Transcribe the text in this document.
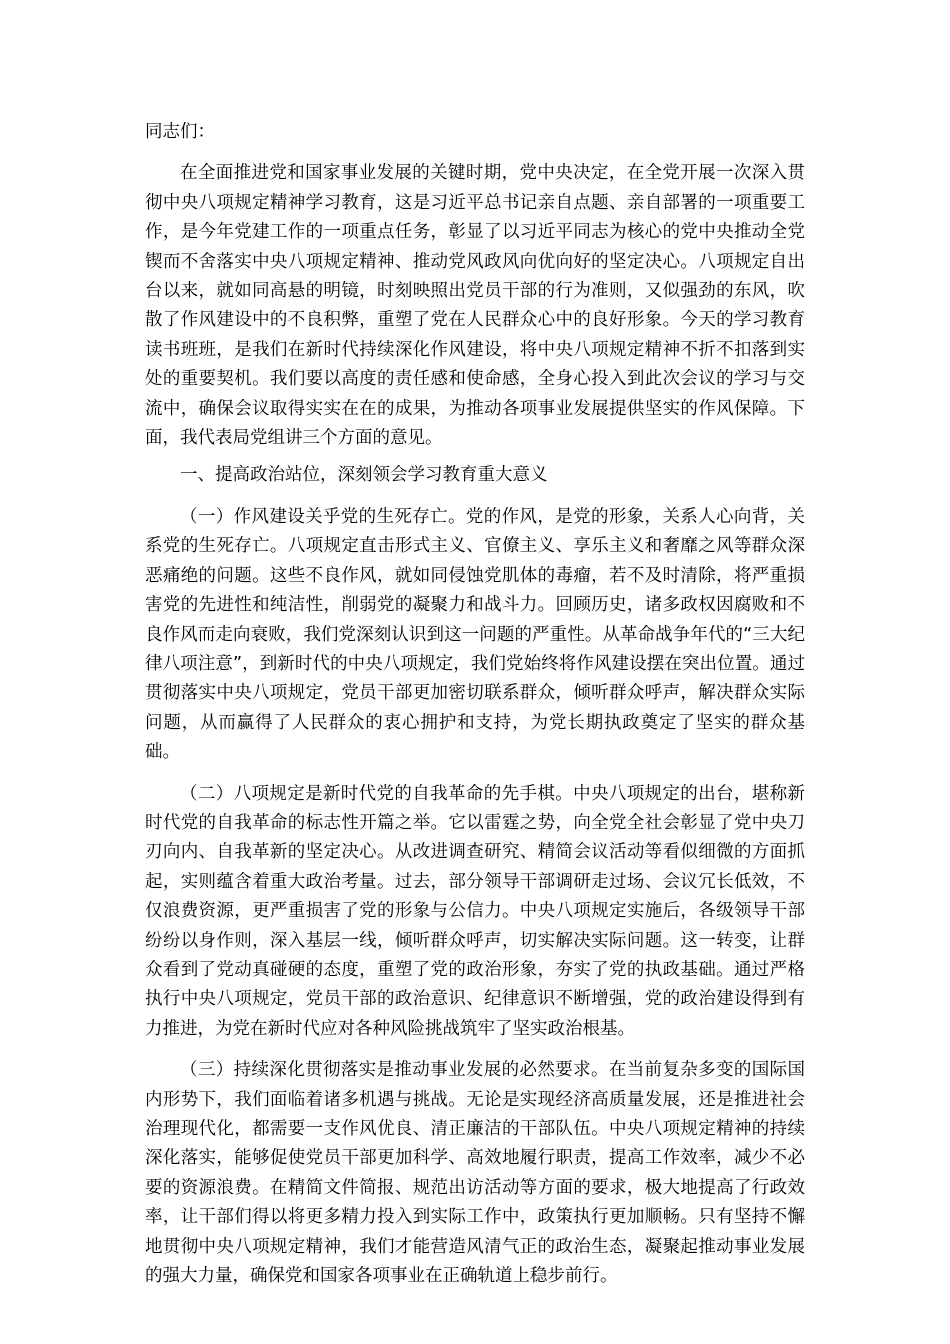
同志们：

在全面推进党和国家事业发展的关键时期，党中央决定，在全党开展一次深入贯彻中央八项规定精神学习教育，这是习近平总书记亲自点题、亲自部署的一项重要工作，是今年党建工作的一项重点任务，彰显了以习近平同志为核心的党中央推动全党锲而不舍落实中央八项规定精神、推动党风政风向优向好的坚定决心。八项规定自出台以来，就如同高悬的明镜，时刻映照出党员干部的行为准则，又似强劲的东风，吹散了作风建设中的不良积弊，重塑了党在人民群众心中的良好形象。今天的学习教育读书班班，是我们在新时代持续深化作风建设，将中央八项规定精神不折不扣落到实处的重要契机。我们要以高度的责任感和使命感，全身心投入到此次会议的学习与交流中，确保会议取得实实在在的成果，为推动各项事业发展提供坚实的作风保障。下面，我代表局党组讲三个方面的意见。

一、提高政治站位，深刻领会学习教育重大意义

（一）作风建设关乎党的生死存亡。党的作风，是党的形象，关系人心向背，关系党的生死存亡。八项规定直击形式主义、官僚主义、享乐主义和奢靡之风等群众深恶痛绝的问题。这些不良作风，就如同侵蚀党肌体的毒瘤，若不及时清除，将严重损害党的先进性和纯洁性，削弱党的凝聚力和战斗力。回顾历史，诸多政权因腐败和不良作风而走向衰败，我们党深刻认识到这一问题的严重性。从革命战争年代的“三大纪律八项注意”，到新时代的中央八项规定，我们党始终将作风建设摆在突出位置。通过贯彻落实中央八项规定，党员干部更加密切联系群众，倾听群众呼声，解决群众实际问题，从而赢得了人民群众的衷心拥护和支持，为党长期执政奠定了坚实的群众基础。

（二）八项规定是新时代党的自我革命的先手棋。中央八项规定的出台，堪称新时代党的自我革命的标志性开篇之举。它以雷霆之势，向全党全社会彰显了党中央刀刃向内、自我革新的坚定决心。从改进调查研究、精简会议活动等看似细微的方面抓起，实则蕴含着重大政治考量。过去，部分领导干部调研走过场、会议冗长低效，不仅浪费资源，更严重损害了党的形象与公信力。中央八项规定实施后，各级领导干部纷纷以身作则，深入基层一线，倾听群众呼声，切实解决实际问题。这一转变，让群众看到了党动真碰硬的态度，重塑了党的政治形象，夯实了党的执政基础。通过严格执行中央八项规定，党员干部的政治意识、纪律意识不断增强，党的政治建设得到有力推进，为党在新时代应对各种风险挑战筑牢了坚实政治根基。

（三）持续深化贯彻落实是推动事业发展的必然要求。在当前复杂多变的国际国内形势下，我们面临着诸多机遇与挑战。无论是实现经济高质量发展，还是推进社会治理现代化，都需要一支作风优良、清正廉洁的干部队伍。中央八项规定精神的持续深化落实，能够促使党员干部更加科学、高效地履行职责，提高工作效率，减少不必要的资源浪费。在精简文件简报、规范出访活动等方面的要求，极大地提高了行政效率，让干部们得以将更多精力投入到实际工作中，政策执行更加顺畅。只有坚持不懈地贯彻中央八项规定精神，我们才能营造风清气正的政治生态，凝聚起推动事业发展的强大力量，确保党和国家各项事业在正确轨道上稳步前行。
